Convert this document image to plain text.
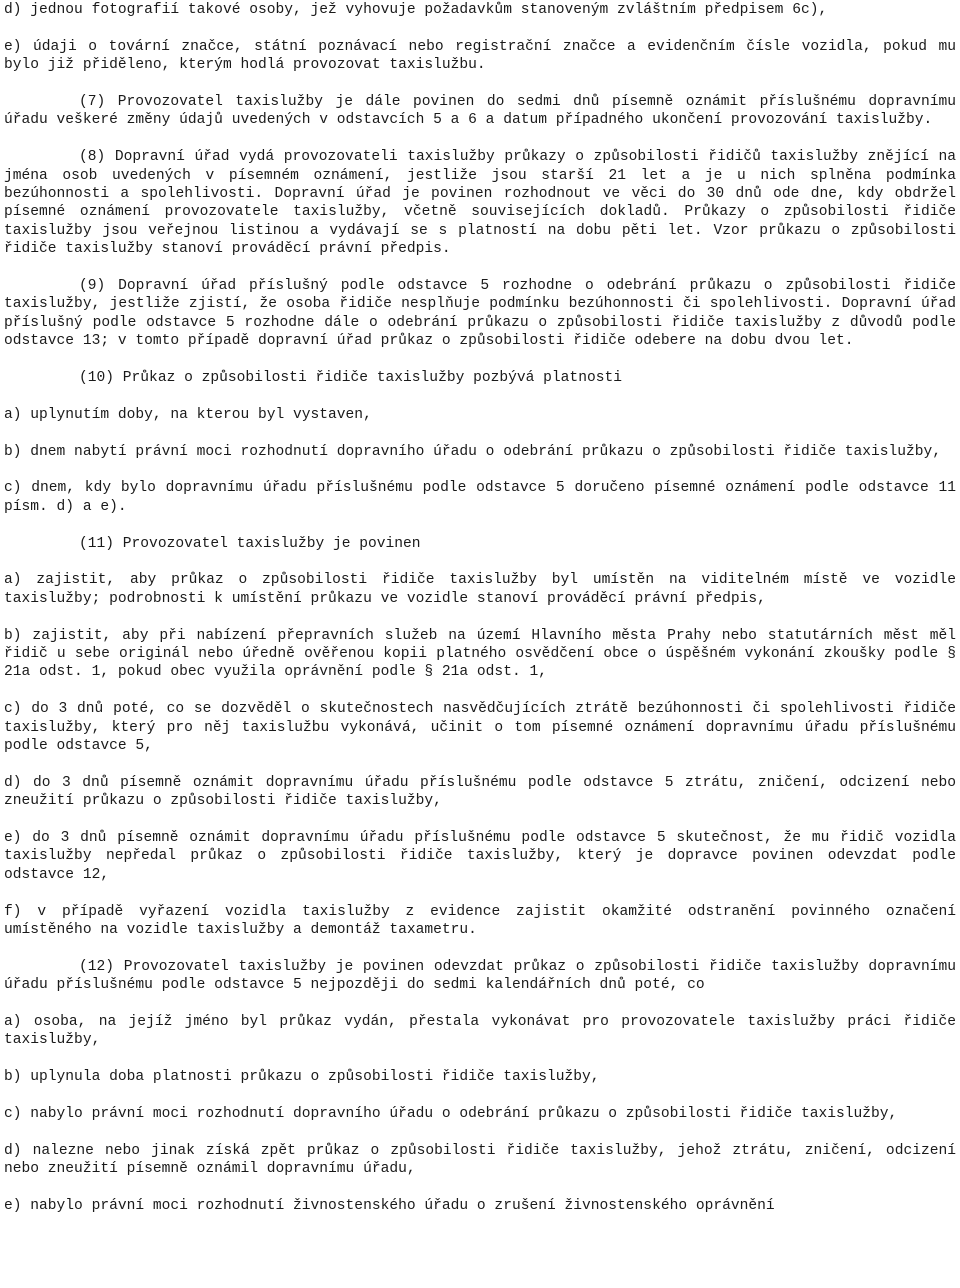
d) jednou fotografií takové osoby, jež vyhovuje požadavkům stanoveným zvláštním předpisem 6c),

e) údaji o tovární značce, státní poznávací nebo registrační značce a evidenčním čísle vozidla, pokud mu bylo již přiděleno, kterým hodlá provozovat taxislužbu.

(7) Provozovatel taxislužby je dále povinen do sedmi dnů písemně oznámit příslušnému dopravnímu úřadu veškeré změny údajů uvedených v odstavcích 5 a 6 a datum případného ukončení provozování taxislužby.

(8) Dopravní úřad vydá provozovateli taxislužby průkazy o způsobilosti řidičů taxislužby znějící na jména osob uvedených v písemném oznámení, jestliže jsou starší 21 let a je u nich splněna podmínka bezúhonnosti a spolehlivosti. Dopravní úřad je povinen rozhodnout ve věci do 30 dnů ode dne, kdy obdržel písemné oznámení provozovatele taxislužby, včetně souvisejících dokladů. Průkazy o způsobilosti řidiče taxislužby jsou veřejnou listinou a vydávají se s platností na dobu pěti let. Vzor průkazu o způsobilosti řidiče taxislužby stanoví prováděcí právní předpis.

(9) Dopravní úřad příslušný podle odstavce 5 rozhodne o odebrání průkazu o způsobilosti řidiče taxislužby, jestliže zjistí, že osoba řidiče nesplňuje podmínku bezúhonnosti či spolehlivosti. Dopravní úřad příslušný podle odstavce 5 rozhodne dále o odebrání průkazu o způsobilosti řidiče taxislužby z důvodů podle odstavce 13; v tomto případě dopravní úřad průkaz o způsobilosti řidiče odebere na dobu dvou let.

(10) Průkaz o způsobilosti řidiče taxislužby pozbývá platnosti

a) uplynutím doby, na kterou byl vystaven,

b) dnem nabytí právní moci rozhodnutí dopravního úřadu o odebrání průkazu o způsobilosti řidiče taxislužby,

c) dnem, kdy bylo dopravnímu úřadu příslušnému podle odstavce 5 doručeno písemné oznámení podle odstavce 11 písm. d) a e).

(11) Provozovatel taxislužby je povinen

a) zajistit, aby průkaz o způsobilosti řidiče taxislužby byl umístěn na viditelném místě ve vozidle taxislužby; podrobnosti k umístění průkazu ve vozidle stanoví prováděcí právní předpis,

b) zajistit, aby při nabízení přepravních služeb na území Hlavního města Prahy nebo statutárních měst měl řidič u sebe originál nebo úředně ověřenou kopii platného osvědčení obce o úspěšném vykonání zkoušky podle § 21a odst. 1, pokud obec využila oprávnění podle § 21a odst. 1,

c) do 3 dnů poté, co se dozvěděl o skutečnostech nasvědčujících ztrátě bezúhonnosti či spolehlivosti řidiče taxislužby, který pro něj taxislužbu vykonává, učinit o tom písemné oznámení dopravnímu úřadu příslušnému podle odstavce 5,

d) do 3 dnů písemně oznámit dopravnímu úřadu příslušnému podle odstavce 5 ztrátu, zničení, odcizení nebo zneužití průkazu o způsobilosti řidiče taxislužby,

e) do 3 dnů písemně oznámit dopravnímu úřadu příslušnému podle odstavce 5 skutečnost, že mu řidič vozidla taxislužby nepředal průkaz o způsobilosti řidiče taxislužby, který je dopravce povinen odevzdat podle odstavce 12,

f) v případě vyřazení vozidla taxislužby z evidence zajistit okamžité odstranění povinného označení umístěného na vozidle taxislužby a demontáž taxametru.

(12) Provozovatel taxislužby je povinen odevzdat průkaz o způsobilosti řidiče taxislužby dopravnímu úřadu příslušnému podle odstavce 5 nejpozději do sedmi kalendářních dnů poté, co

a) osoba, na jejíž jméno byl průkaz vydán, přestala vykonávat pro provozovatele taxislužby práci řidiče taxislužby,

b) uplynula doba platnosti průkazu o způsobilosti řidiče taxislužby,

c) nabylo právní moci rozhodnutí dopravního úřadu o odebrání průkazu o způsobilosti řidiče taxislužby,

d) nalezne nebo jinak získá zpět průkaz o způsobilosti řidiče taxislužby, jehož ztrátu, zničení, odcizení nebo zneužití písemně oznámil dopravnímu úřadu,

e) nabylo právní moci rozhodnutí živnostenského úřadu o zrušení živnostenského oprávnění
